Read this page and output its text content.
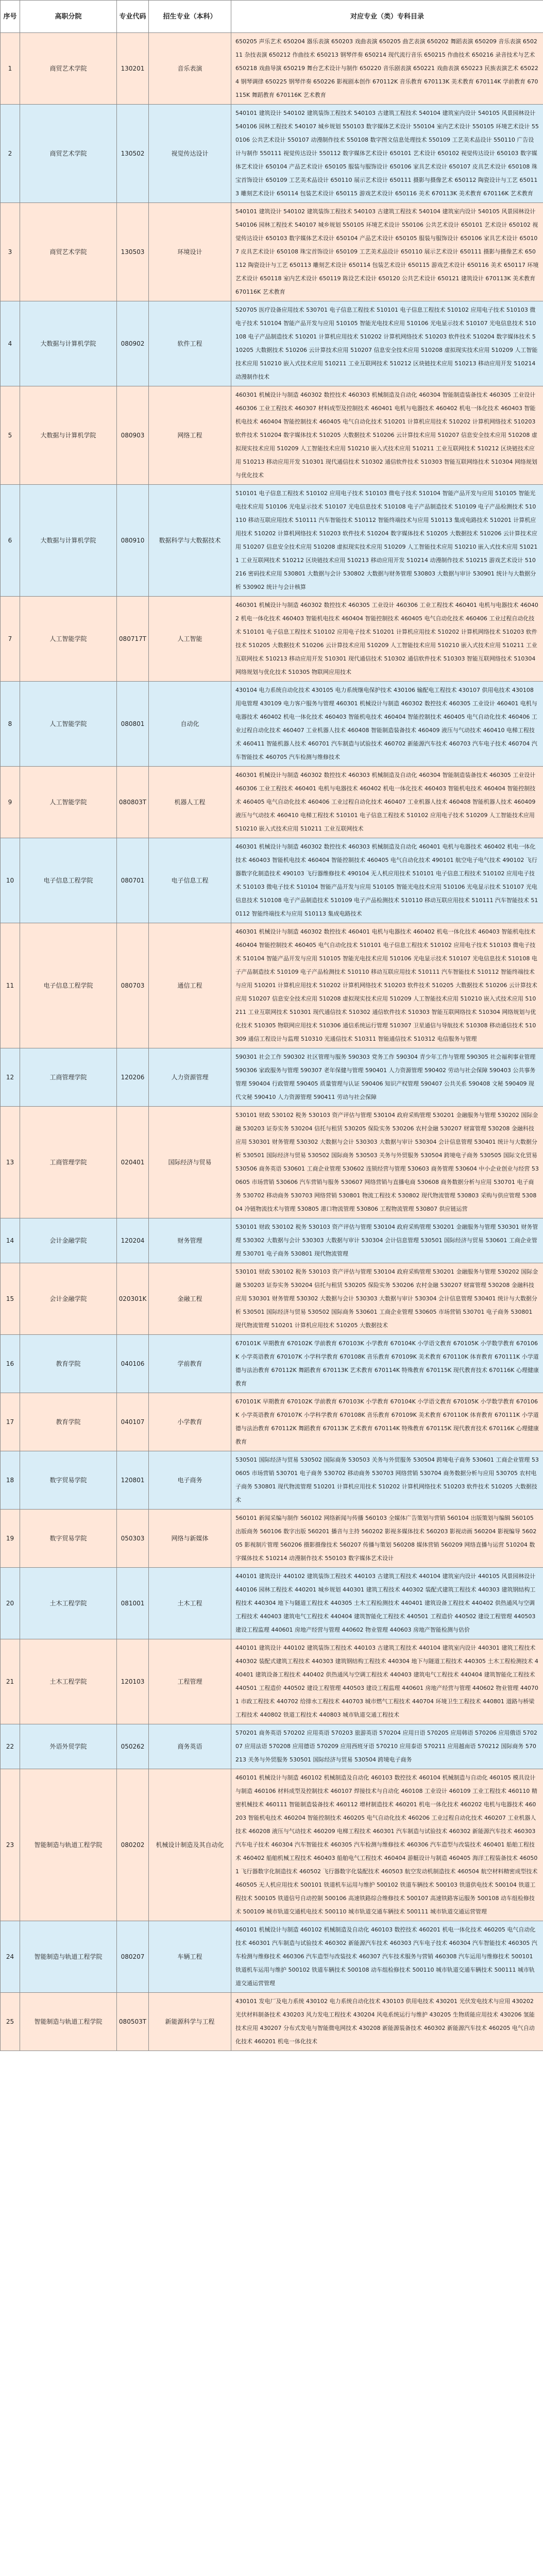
序号	高职分院	专业代码	招生专业（本科）	对应专业（类）专科目录
1	商贸艺术学院	130201	音乐表演	650205 声乐艺术 650204 器乐表演 650203 戏曲表演 650205 曲艺表演 650202 舞蹈表演 650209 音乐表演 650211 杂技表演 650212 作曲技术 650213 钢琴伴奏 650214 现代流行音乐 650215 作曲技术 650216 录音技术与艺术 650218 戏曲导演 650219 舞台艺术设计与制作 650220 音乐剧表演 650221 戏曲表演 650223 民族表演艺术 650224 钢琴调律 650225 钢琴伴奏 650226 影视剧本创作 670112K 音乐教育 670113K 美术教育 670114K 学前教育 670115K 舞蹈教育 670116K 艺术教育
2	商贸艺术学院	130502	视觉传达设计	540101 建筑设计 540102 建筑装饰工程技术 540103 古建筑工程技术 540104 建筑室内设计 540105 风景园林设计 540106 园林工程技术 540107 城乡规划 550103 数字媒体艺术设计 550104 室内艺术设计 550105 环境艺术设计 550106 公共艺术设计 550107 动漫制作技术 550108 数字图文信息处理技术 550109 工艺美术品设计 550110 广告设计与制作 550111 视觉传达设计 550112 数字媒体艺术设计 650101 艺术设计 650102 视觉传达设计 650103 数字媒体艺术设计 650104 产品艺术设计 650105 服装与服饰设计 650106 家具艺术设计 650107 皮具艺术设计 650108 珠宝首饰设计 650109 工艺美术品设计 650110 展示艺术设计 650111 摄影与摄像艺术 650112 陶瓷设计与工艺 650113 雕刻艺术设计 650114 包装艺术设计 650115 游戏艺术设计 650116 美术 670113K 美术教育 670116K 艺术教育
3	商贸艺术学院	130503	环境设计	540101 建筑设计 540102 建筑装饰工程技术 540103 古建筑工程技术 540104 建筑室内设计 540105 风景园林设计 540106 园林工程技术 540107 城乡规划 550105 环境艺术设计 550106 公共艺术设计 650101 艺术设计 650102 视觉传达设计 650103 数字媒体艺术设计 650104 产品艺术设计 650105 服装与服饰设计 650106 家具艺术设计 650107 皮具艺术设计 650108 珠宝首饰设计 650109 工艺美术品设计 650110 展示艺术设计 650111 摄影与摄像艺术 650112 陶瓷设计与工艺 650113 雕刻艺术设计 650114 包装艺术设计 650115 游戏艺术设计 650116 美术 650117 环境艺术设计 650118 室内艺术设计 650119 陈设艺术设计 650120 公共艺术设计 650121 建筑设计 670113K 美术教育 670116K 艺术教育
4	大数据与计算机学院	080902	软件工程	520705 医疗设备应用技术 530701 电子信息工程技术 510101 电子信息工程技术 510102 应用电子技术 510103 微电子技术 510104 智能产品开发与应用 510105 智能光电技术应用 510106 光电显示技术 510107 光电信息技术 510108 电子产品制造技术 510201 计算机应用技术 510202 计算机网络技术 510203 软件技术 510204 数字媒体技术 510205 大数据技术 510206 云计算技术应用 510207 信息安全技术应用 510208 虚拟现实技术应用 510209 人工智能技术应用 510210 嵌入式技术应用 510211 工业互联网技术 510212 区块链技术应用 510213 移动应用开发 510214 动漫制作技术
5	大数据与计算机学院	080903	网络工程	460301 机械设计与制造 460302 数控技术 460303 机械制造及自动化 460304 智能制造装备技术 460305 工业设计 460306 工业工程技术 460307 材料成型及控制技术 460401 电机与电器技术 460402 机电一体化技术 460403 智能机电技术 460404 智能控制技术 460405 电气自动化技术 510201 计算机应用技术 510202 计算机网络技术 510203 软件技术 510204 数字媒体技术 510205 大数据技术 510206 云计算技术应用 510207 信息安全技术应用 510208 虚拟现实技术应用 510209 人工智能技术应用 510210 嵌入式技术应用 510211 工业互联网技术 510212 区块链技术应用 510213 移动应用开发 510301 现代通信技术 510302 通信软件技术 510303 智能互联网络技术 510304 网络规划与优化技术
6	大数据与计算机学院	080910	数据科学与大数据技术	510101 电子信息工程技术 510102 应用电子技术 510103 微电子技术 510104 智能产品开发与应用 510105 智能光电技术应用 510106 光电显示技术 510107 光电信息技术 510108 电子产品制造技术 510109 电子产品检测技术 510110 移动互联应用技术 510111 汽车智能技术 510112 智能终端技术与应用 510113 集成电路技术 510201 计算机应用技术 510202 计算机网络技术 510203 软件技术 510204 数字媒体技术 510205 大数据技术 510206 云计算技术应用 510207 信息安全技术应用 510208 虚拟现实技术应用 510209 人工智能技术应用 510210 嵌入式技术应用 510211 工业互联网技术 510212 区块链技术应用 510213 移动应用开发 510214 动漫制作技术 510215 游戏艺术设计 510216 密码技术应用 530801 大数据与会计 530802 大数据与财务管理 530803 大数据与审计 530901 统计与大数据分析 530902 统计与会计核算
7	人工智能学院	080717T	人工智能	460301 机械设计与制造 460302 数控技术 460305 工业设计 460306 工业工程技术 460401 电机与电器技术 460402 机电一体化技术 460403 智能机电技术 460404 智能控制技术 460405 电气自动化技术 460406 工业过程自动化技术 510101 电子信息工程技术 510102 应用电子技术 510201 计算机应用技术 510202 计算机网络技术 510203 软件技术 510205 大数据技术 510206 云计算技术应用 510209 人工智能技术应用 510210 嵌入式技术应用 510211 工业互联网技术 510213 移动应用开发 510301 现代通信技术 510302 通信软件技术 510303 智能互联网络技术 510304 网络规划与优化技术 510305 物联网应用技术
8	人工智能学院	080801	自动化	430104 电力系统自动化技术 430105 电力系统继电保护技术 430106 输配电工程技术 430107 供用电技术 430108 用电管理 430109 电力客户服务与管理 460301 机械设计与制造 460302 数控技术 460305 工业设计 460401 电机与电器技术 460402 机电一体化技术 460403 智能机电技术 460404 智能控制技术 460405 电气自动化技术 460406 工业过程自动化技术 460407 工业机器人技术 460408 智能制造装备技术 460409 液压与气动技术 460410 电梯工程技术 460411 智能机器人技术 460701 汽车制造与试验技术 460702 新能源汽车技术 460703 汽车电子技术 460704 汽车智能技术 460705 汽车检测与维修技术
9	人工智能学院	080803T	机器人工程	460301 机械设计与制造 460302 数控技术 460303 机械制造及自动化 460304 智能制造装备技术 460305 工业设计 460306 工业工程技术 460401 电机与电器技术 460402 机电一体化技术 460403 智能机电技术 460404 智能控制技术 460405 电气自动化技术 460406 工业过程自动化技术 460407 工业机器人技术 460408 智能机器人技术 460409 液压与气动技术 460410 电梯工程技术 510101 电子信息工程技术 510102 应用电子技术 510209 人工智能技术应用 510210 嵌入式技术应用 510211 工业互联网技术
10	电子信息工程学院	080701	电子信息工程	460301 机械设计与制造 460302 数控技术 460303 机械制造及自动化 460401 电机与电器技术 460402 机电一体化技术 460403 智能机电技术 460404 智能控制技术 460405 电气自动化技术 490101 航空电子电气技术 490102 飞行器数字化制造技术 490103 飞行器维修技术 490104 无人机应用技术 510101 电子信息工程技术 510102 应用电子技术 510103 微电子技术 510104 智能产品开发与应用 510105 智能光电技术应用 510106 光电显示技术 510107 光电信息技术 510108 电子产品制造技术 510109 电子产品检测技术 510110 移动互联应用技术 510111 汽车智能技术 510112 智能终端技术与应用 510113 集成电路技术
11	电子信息工程学院	080703	通信工程	460301 机械设计与制造 460302 数控技术 460401 电机与电器技术 460402 机电一体化技术 460403 智能机电技术 460404 智能控制技术 460405 电气自动化技术 510101 电子信息工程技术 510102 应用电子技术 510103 微电子技术 510104 智能产品开发与应用 510105 智能光电技术应用 510106 光电显示技术 510107 光电信息技术 510108 电子产品制造技术 510109 电子产品检测技术 510110 移动互联应用技术 510111 汽车智能技术 510112 智能终端技术与应用 510201 计算机应用技术 510202 计算机网络技术 510203 软件技术 510205 大数据技术 510206 云计算技术应用 510207 信息安全技术应用 510208 虚拟现实技术应用 510209 人工智能技术应用 510210 嵌入式技术应用 510211 工业互联网技术 510301 现代通信技术 510302 通信软件技术 510303 智能互联网络技术 510304 网络规划与优化技术 510305 物联网应用技术 510306 通信系统运行管理 510307 卫星通信与导航技术 510308 移动通信技术 510309 通信工程设计与监理 510310 光通信技术 510311 智能通信技术 510312 电信服务与管理
12	工商管理学院	120206	人力资源管理	590301 社会工作 590302 社区管理与服务 590303 党务工作 590304 青少年工作与管理 590305 社会福利事业管理 590306 家政服务与管理 590307 老年保健与管理 590401 人力资源管理 590402 劳动与社会保障 590403 公共事务管理 590404 行政管理 590405 质量管理与认证 590406 知识产权管理 590407 公共关系 590408 文秘 590409 现代文秘 590410 人力资源管理 590411 劳动与社会保障
13	工商管理学院	020401	国际经济与贸易	530101 财政 530102 税务 530103 资产评估与管理 530104 政府采购管理 530201 金融服务与管理 530202 国际金融 530203 证券实务 530204 信托与租赁 530205 保险实务 530206 农村金融 530207 财富管理 530208 金融科技应用 530301 财务管理 530302 大数据与会计 530303 大数据与审计 530304 会计信息管理 530401 统计与大数据分析 530501 国际经济与贸易 530502 国际商务 530503 关务与外贸服务 530504 跨境电子商务 530505 国际文化贸易 530506 商务英语 530601 工商企业管理 530602 连锁经营与管理 530603 商务管理 530604 中小企业创业与经营 530605 市场营销 530606 汽车营销与服务 530607 网络营销与直播电商 530608 商务数据分析与应用 530701 电子商务 530702 移动商务 530703 网络营销 530801 物流工程技术 530802 现代物流管理 530803 采购与供应管理 530804 冷链物流技术与管理 530805 港口物流管理 530806 工程物流管理 530807 供应链运营
14	会计金融学院	120204	财务管理	530101 财政 530102 税务 530103 资产评估与管理 530104 政府采购管理 530201 金融服务与管理 530301 财务管理 530302 大数据与会计 530303 大数据与审计 530304 会计信息管理 530501 国际经济与贸易 530601 工商企业管理 530701 电子商务 530801 现代物流管理
15	会计金融学院	020301K	金融工程	530101 财政 530102 税务 530103 资产评估与管理 530104 政府采购管理 530201 金融服务与管理 530202 国际金融 530203 证券实务 530204 信托与租赁 530205 保险实务 530206 农村金融 530207 财富管理 530208 金融科技应用 530301 财务管理 530302 大数据与会计 530303 大数据与审计 530304 会计信息管理 530401 统计与大数据分析 530501 国际经济与贸易 530502 国际商务 530601 工商企业管理 530605 市场营销 530701 电子商务 530801 现代物流管理 510201 计算机应用技术 510205 大数据技术
16	教育学院	040106	学前教育	670101K 早期教育 670102K 学前教育 670103K 小学教育 670104K 小学语文教育 670105K 小学数学教育 670106K 小学英语教育 670107K 小学科学教育 670108K 音乐教育 670109K 美术教育 670110K 体育教育 670111K 小学道德与法治教育 670112K 舞蹈教育 670113K 艺术教育 670114K 特殊教育 670115K 现代教育技术 670116K 心理健康教育
17	教育学院	040107	小学教育	670101K 早期教育 670102K 学前教育 670103K 小学教育 670104K 小学语文教育 670105K 小学数学教育 670106K 小学英语教育 670107K 小学科学教育 670108K 音乐教育 670109K 美术教育 670110K 体育教育 670111K 小学道德与法治教育 670112K 舞蹈教育 670113K 艺术教育 670114K 特殊教育 670115K 现代教育技术 670116K 心理健康教育
18	数字贸易学院	120801	电子商务	530501 国际经济与贸易 530502 国际商务 530503 关务与外贸服务 530504 跨境电子商务 530601 工商企业管理 530605 市场营销 530701 电子商务 530702 移动商务 530703 网络营销 530704 商务数据分析与应用 530705 农村电子商务 530801 现代物流管理 510201 计算机应用技术 510202 计算机网络技术 510203 软件技术 510205 大数据技术
19	数字贸易学院	050303	网络与新媒体	560101 新闻采编与制作 560102 网络新闻与传播 560103 全媒体广告策划与营销 560104 出版策划与编辑 560105 出版商务 560106 数字出版 560201 播音与主持 560202 影视多媒体技术 560203 影视动画 560204 影视编导 560205 影视制片管理 560206 摄影摄像技术 560207 传播与策划 560208 媒体营销 560209 网络直播与运营 510204 数字媒体技术 510214 动漫制作技术 550103 数字媒体艺术设计
20	土木工程学院	081001	土木工程	440101 建筑设计 440102 建筑装饰工程技术 440103 古建筑工程技术 440104 建筑室内设计 440105 风景园林设计 440106 园林工程技术 440201 城乡规划 440301 建筑工程技术 440302 装配式建筑工程技术 440303 建筑钢结构工程技术 440304 地下与隧道工程技术 440305 土木工程检测技术 440401 建筑设备工程技术 440402 供热通风与空调工程技术 440403 建筑电气工程技术 440404 建筑智能化工程技术 440501 工程造价 440502 建设工程管理 440503 建设工程监理 440601 房地产经营与管理 440602 物业管理 440603 房地产智能检测与估价
21	土木工程学院	120103	工程管理	440101 建筑设计 440102 建筑装饰工程技术 440103 古建筑工程技术 440104 建筑室内设计 440301 建筑工程技术 440302 装配式建筑工程技术 440303 建筑钢结构工程技术 440304 地下与隧道工程技术 440305 土木工程检测技术 440401 建筑设备工程技术 440402 供热通风与空调工程技术 440403 建筑电气工程技术 440404 建筑智能化工程技术 440501 工程造价 440502 建设工程管理 440503 建设工程监理 440601 房地产经营与管理 440602 物业管理 440701 市政工程技术 440702 给排水工程技术 440703 城市燃气工程技术 440704 环境卫生工程技术 440801 道路与桥梁工程技术 440802 铁道工程技术 440803 城市轨道交通工程技术
22	外语外贸学院	050262	商务英语	570201 商务英语 570202 应用英语 570203 旅游英语 570204 应用日语 570205 应用韩语 570206 应用俄语 570207 应用法语 570208 应用德语 570209 应用西班牙语 570210 应用泰语 570211 应用越南语 570212 国际商务 570213 关务与外贸服务 530501 国际经济与贸易 530504 跨境电子商务
23	智能制造与轨道工程学院	080202	机械设计制造及其自动化	460101 机械设计与制造 460102 机械制造及自动化 460103 数控技术 460104 机械制造与自动化 460105 模具设计与制造 460106 材料成型及控制技术 460107 焊接技术与自动化 460108 工业设计 460109 工业工程技术 460110 精密机械技术 460111 智能制造装备技术 460112 增材制造技术 460201 机电一体化技术 460202 电机与电器技术 460203 智能机电技术 460204 智能控制技术 460205 电气自动化技术 460206 工业过程自动化技术 460207 工业机器人技术 460208 液压与气动技术 460209 电梯工程技术 460301 汽车制造与试验技术 460302 新能源汽车技术 460303 汽车电子技术 460304 汽车智能技术 460305 汽车检测与维修技术 460306 汽车造型与改装技术 460401 船舶工程技术 460402 船舶机械工程技术 460403 船舶电气工程技术 460404 游艇设计与制造 460405 海洋工程装备技术 460501 飞行器数字化制造技术 460502 飞行器数字化装配技术 460503 航空发动机制造技术 460504 航空材料精密成型技术 460505 无人机应用技术 500101 铁道机车运用与维护 500102 铁道车辆技术 500103 铁道供电技术 500104 铁道工程技术 500105 铁道信号自动控制 500106 高速铁路综合维修技术 500107 高速铁路客运服务 500108 动车组检修技术 500109 城市轨道交通机电技术 500110 城市轨道交通车辆技术 500111 城市轨道交通运营管理
24	智能制造与轨道工程学院	080207	车辆工程	460101 机械设计与制造 460102 机械制造及自动化 460103 数控技术 460201 机电一体化技术 460205 电气自动化技术 460301 汽车制造与试验技术 460302 新能源汽车技术 460303 汽车电子技术 460304 汽车智能技术 460305 汽车检测与维修技术 460306 汽车造型与改装技术 460307 汽车技术服务与营销 460308 汽车运用与维修技术 500101 铁道机车运用与维护 500102 铁道车辆技术 500108 动车组检修技术 500110 城市轨道交通车辆技术 500111 城市轨道交通运营管理
25	智能制造与轨道工程学院	080503T	新能源科学与工程	430101 发电厂及电力系统 430102 电力系统自动化技术 430103 供用电技术 430201 光伏发电技术与应用 430202 光伏材料制备技术 430203 风力发电工程技术 430204 风电系统运行与维护 430205 生物质能应用技术 430206 氢能技术应用 430207 分布式发电与智能微电网技术 430208 新能源装备技术 460302 新能源汽车技术 460205 电气自动化技术 460201 机电一体化技术
